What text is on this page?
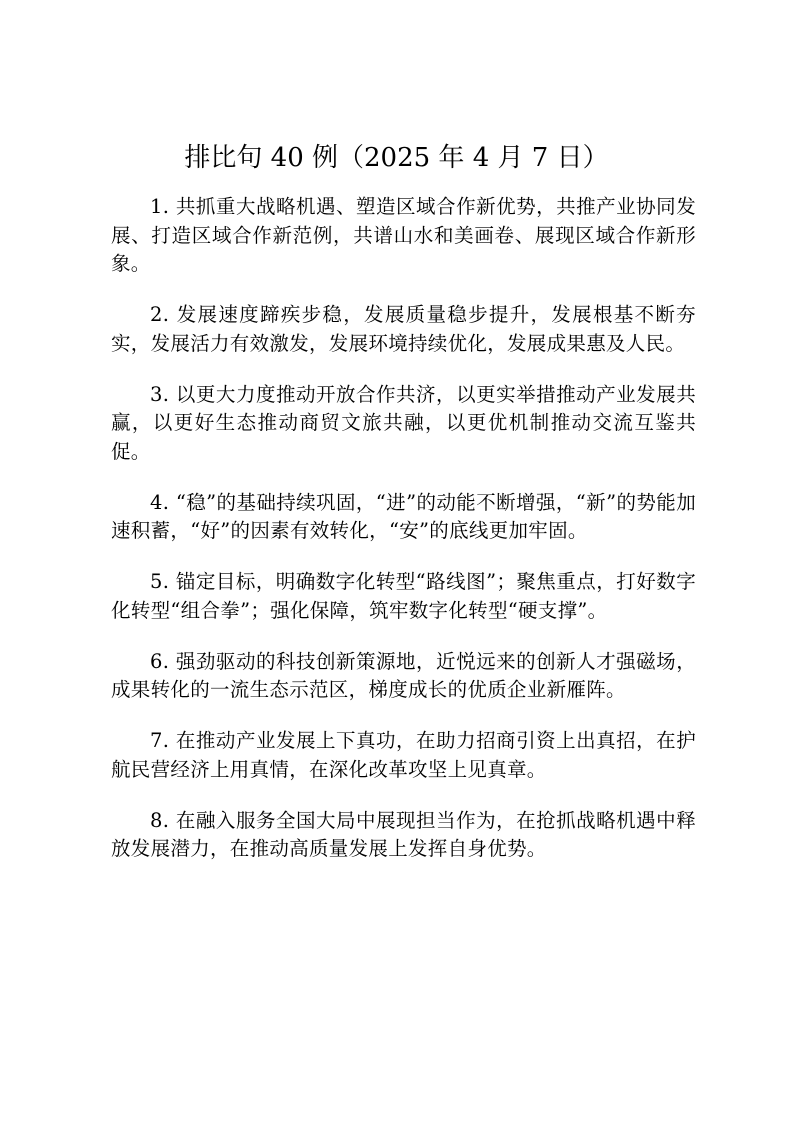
排比句 40 例（2025 年 4 月 7 日）

1. 共抓重大战略机遇、塑造区域合作新优势，共推产业协同发展、打造区域合作新范例，共谱山水和美画卷、展现区域合作新形象。

2. 发展速度蹄疾步稳，发展质量稳步提升，发展根基不断夯实，发展活力有效激发，发展环境持续优化，发展成果惠及人民。

3. 以更大力度推动开放合作共济，以更实举措推动产业发展共赢，以更好生态推动商贸文旅共融，以更优机制推动交流互鉴共促。

4. “稳”的基础持续巩固，“进”的动能不断增强，“新”的势能加速积蓄，“好”的因素有效转化，“安”的底线更加牢固。

5. 锚定目标，明确数字化转型“路线图”；聚焦重点，打好数字化转型“组合拳”；强化保障，筑牢数字化转型“硬支撑”。

6. 强劲驱动的科技创新策源地，近悦远来的创新人才强磁场，成果转化的一流生态示范区，梯度成长的优质企业新雁阵。

7. 在推动产业发展上下真功，在助力招商引资上出真招，在护航民营经济上用真情，在深化改革攻坚上见真章。

8. 在融入服务全国大局中展现担当作为，在抢抓战略机遇中释放发展潜力，在推动高质量发展上发挥自身优势。
